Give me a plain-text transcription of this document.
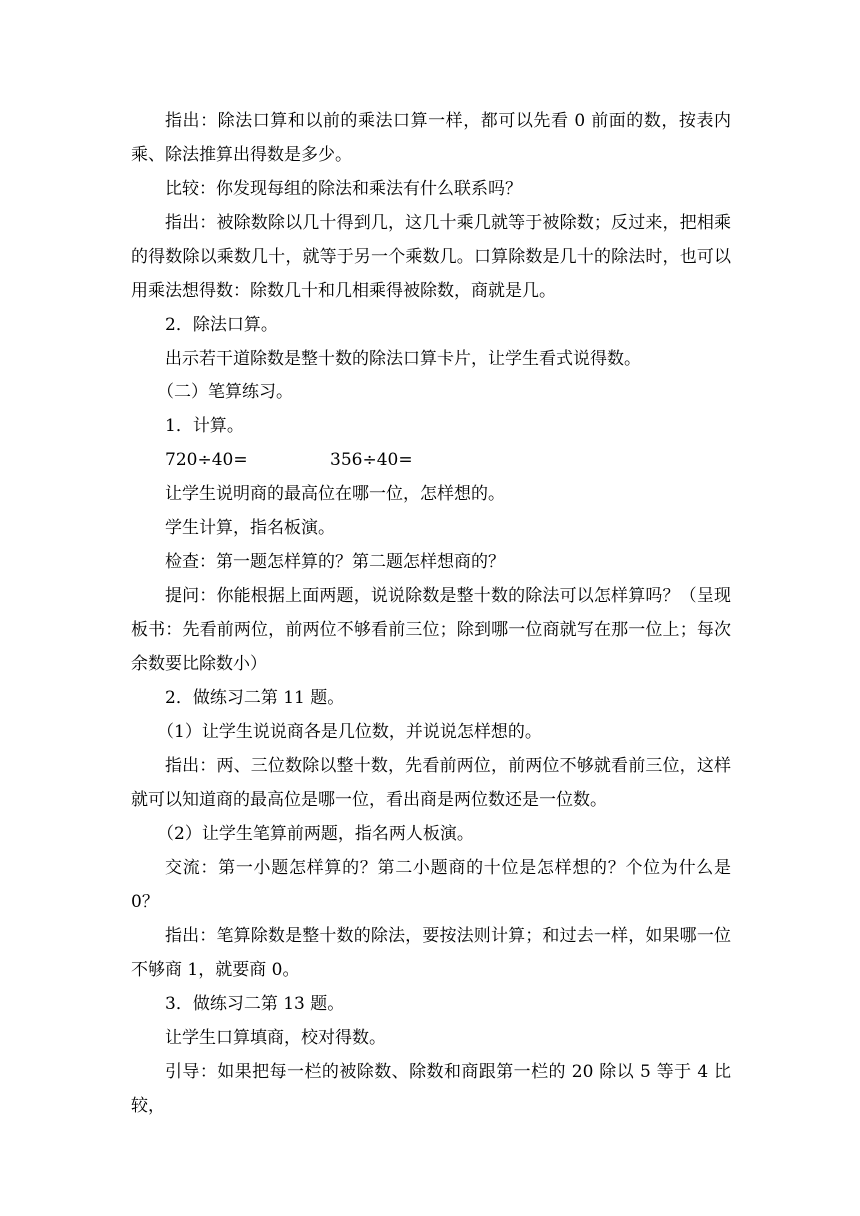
指出：除法口算和以前的乘法口算一样，都可以先看 0 前面的数，按表内乘、除法推算出得数是多少。

比较：你发现每组的除法和乘法有什么联系吗？

指出：被除数除以几十得到几，这几十乘几就等于被除数；反过来，把相乘的得数除以乘数几十，就等于另一个乘数几。口算除数是几十的除法时，也可以用乘法想得数：除数几十和几相乘得被除数，商就是几。

2．除法口算。

出示若干道除数是整十数的除法口算卡片，让学生看式说得数。

（二）笔算练习。

1．计算。

720÷40=	356÷40=

让学生说明商的最高位在哪一位，怎样想的。

学生计算，指名板演。

检查：第一题怎样算的？第二题怎样想商的？

提问：你能根据上面两题，说说除数是整十数的除法可以怎样算吗？（呈现板书：先看前两位，前两位不够看前三位；除到哪一位商就写在那一位上；每次余数要比除数小）

2．做练习二第 11 题。

（1）让学生说说商各是几位数，并说说怎样想的。

指出：两、三位数除以整十数，先看前两位，前两位不够就看前三位，这样就可以知道商的最高位是哪一位，看出商是两位数还是一位数。

（2）让学生笔算前两题，指名两人板演。

交流：第一小题怎样算的？第二小题商的十位是怎样想的？个位为什么是 0？

指出：笔算除数是整十数的除法，要按法则计算；和过去一样，如果哪一位不够商 1，就要商 0。

3．做练习二第 13 题。

让学生口算填商，校对得数。

引导：如果把每一栏的被除数、除数和商跟第一栏的 20 除以 5 等于 4 比较，
